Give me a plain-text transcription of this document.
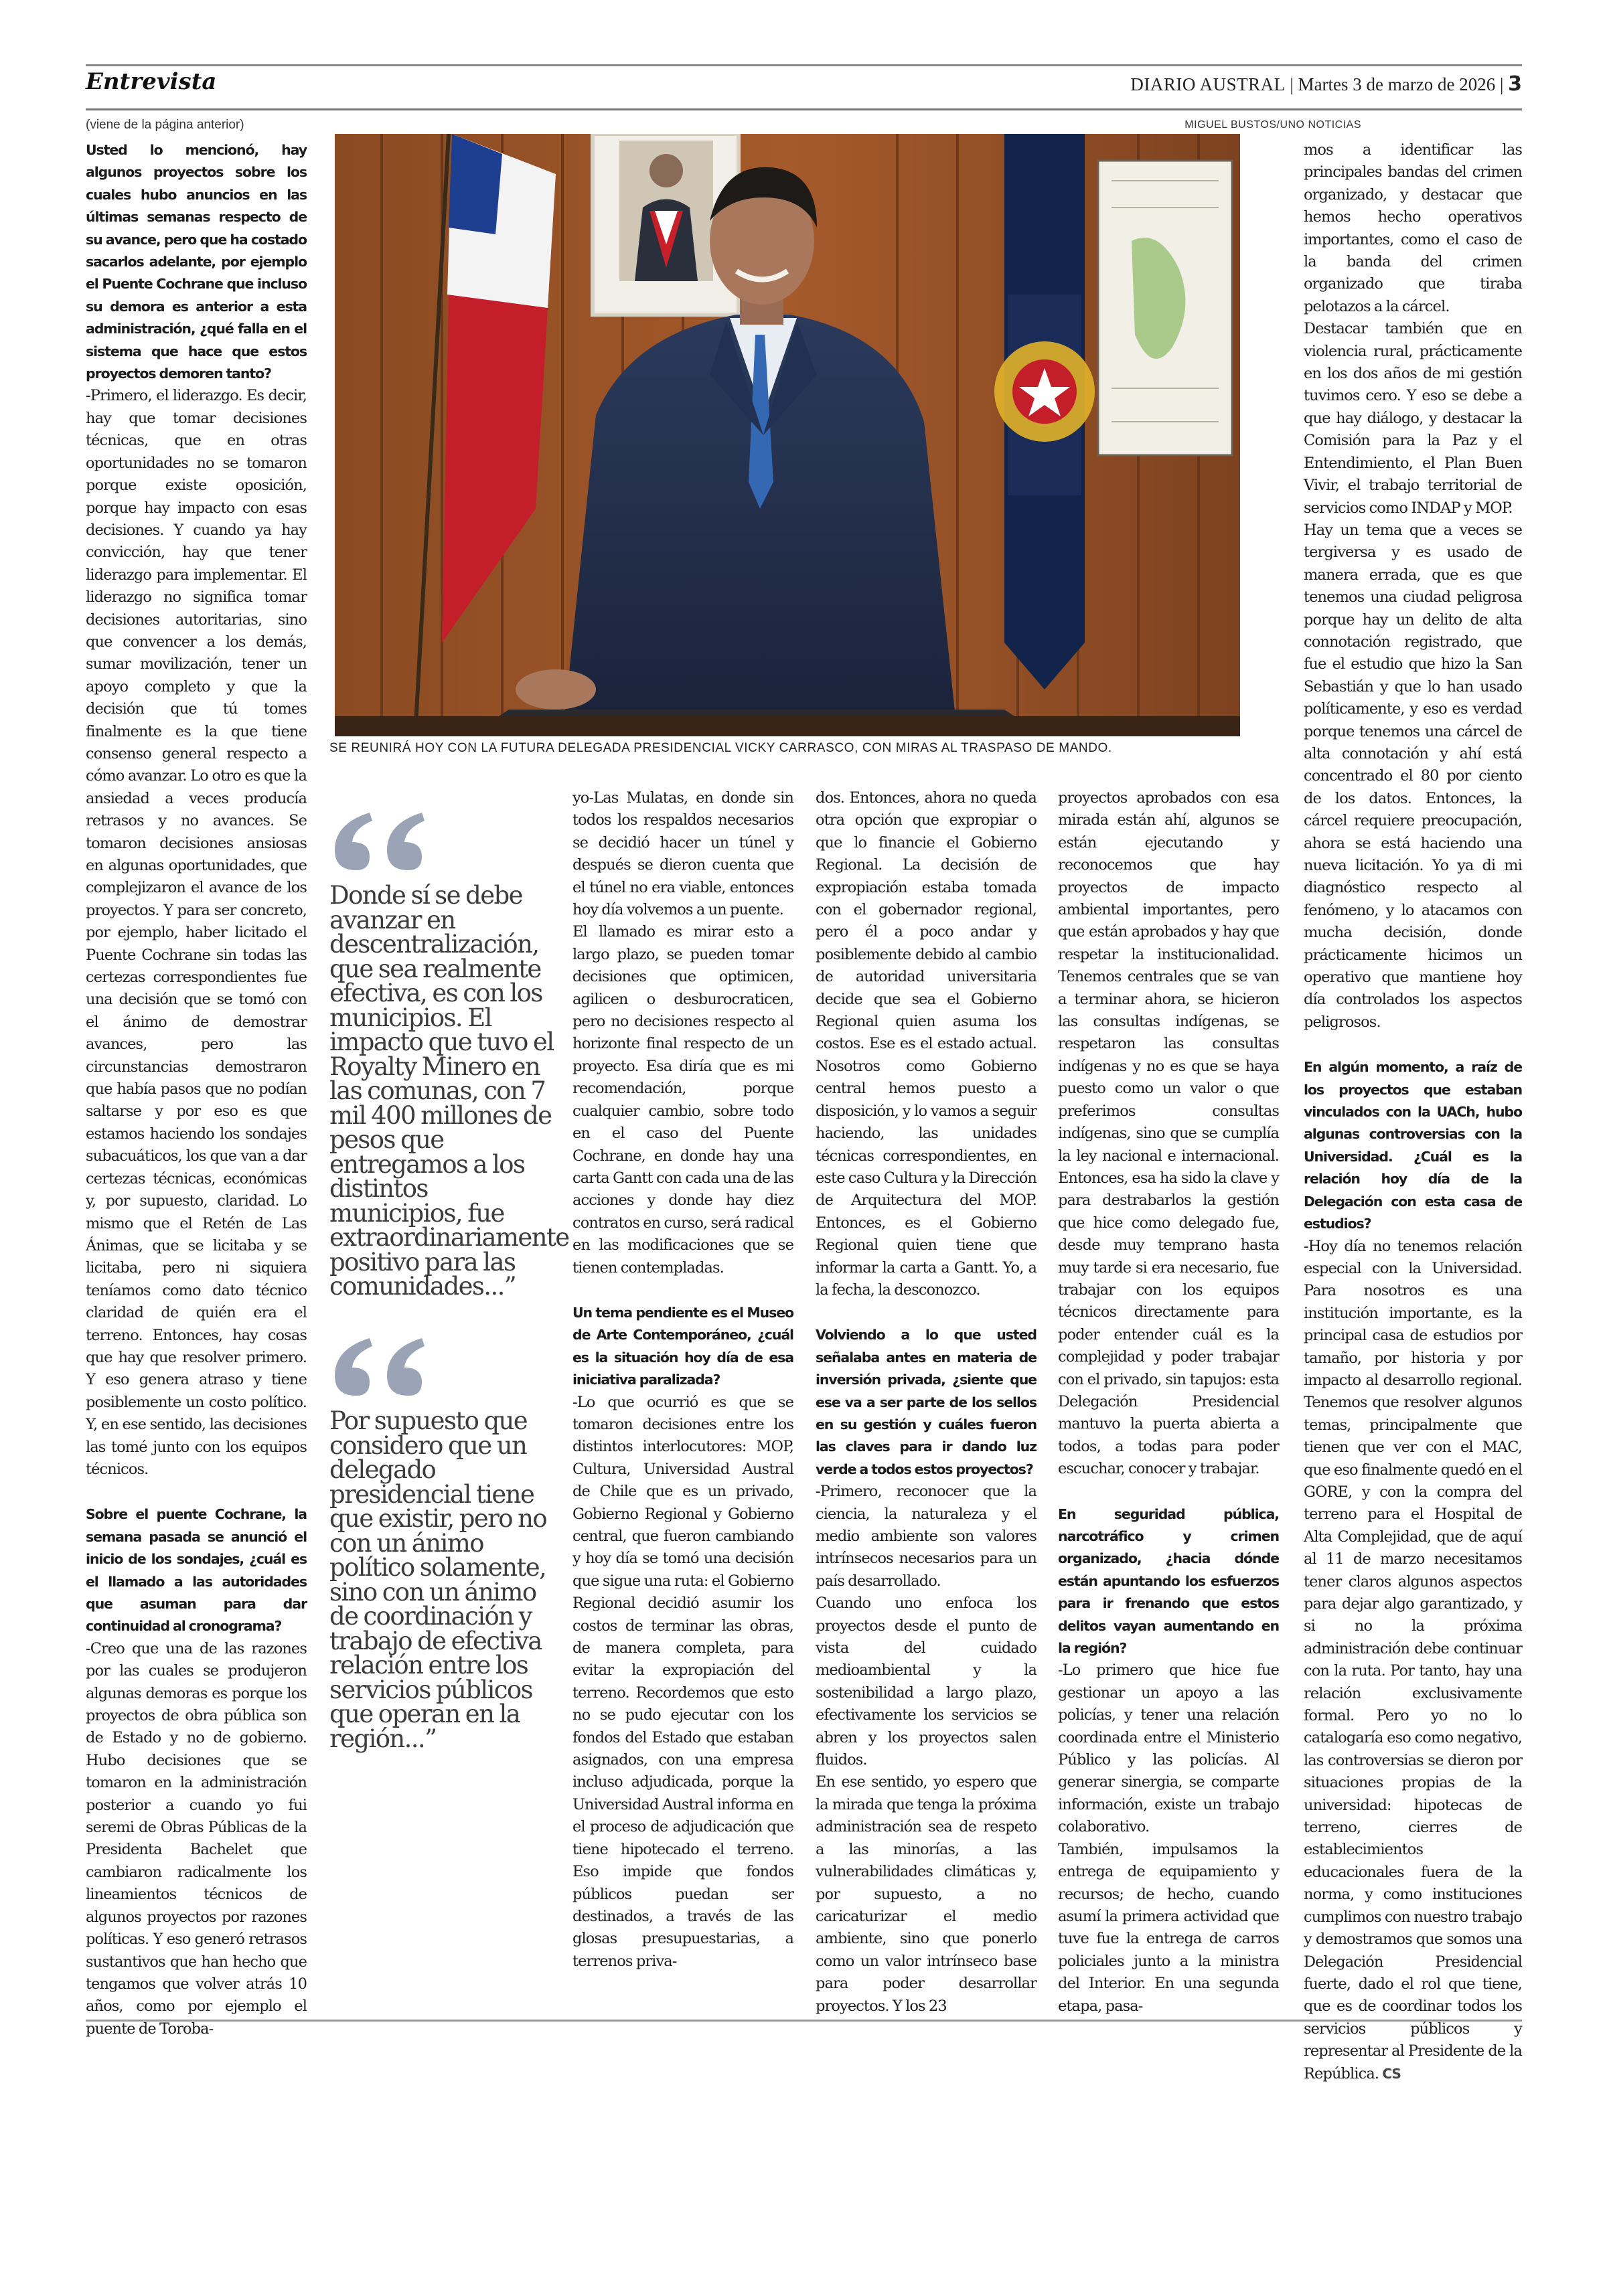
Entrevista	DIARIO AUSTRAL | Martes 3 de marzo de 2026 | 3
(viene de la página anterior)	MIGUEL BUSTOS/UNO NOTICIAS
SE REUNIRÁ HOY CON LA FUTURA DELEGADA PRESIDENCIAL VICKY CARRASCO, CON MIRAS AL TRASPASO DE MANDO.

Usted lo mencionó, hay algunos proyectos sobre los cuales hubo anuncios en las últimas semanas respecto de su avance, pero que ha costado sacarlos adelante, por ejemplo el Puente Cochrane que incluso su demora es anterior a esta administración, ¿qué falla en el sistema que hace que estos proyectos demoren tanto?

-Primero, el liderazgo. Es decir, hay que tomar decisiones técnicas, que en otras oportunidades no se tomaron porque existe oposición, porque hay impacto con esas decisiones. Y cuando ya hay convicción, hay que tener liderazgo para implementar. El liderazgo no significa tomar decisiones autoritarias, sino que convencer a los demás, sumar movilización, tener un apoyo completo y que la decisión que tú tomes finalmente es la que tiene consenso general respecto a cómo avanzar. Lo otro es que la ansiedad a veces producía retrasos y no avances. Se tomaron decisiones ansiosas en algunas oportunidades, que complejizaron el avance de los proyectos. Y para ser concreto, por ejemplo, haber licitado el Puente Cochrane sin todas las certezas correspondientes fue una decisión que se tomó con el ánimo de demostrar avances, pero las circunstancias demostraron que había pasos que no podían saltarse y por eso es que estamos haciendo los sondajes subacuáticos, los que van a dar certezas técnicas, económicas y, por supuesto, claridad. Lo mismo que el Retén de Las Ánimas, que se licitaba y se licitaba, pero ni siquiera teníamos como dato técnico claridad de quién era el terreno. Entonces, hay cosas que hay que resolver primero. Y eso genera atraso y tiene posiblemente un costo político. Y, en ese sentido, las decisiones las tomé junto con los equipos técnicos.

Sobre el puente Cochrane, la semana pasada se anunció el inicio de los sondajes, ¿cuál es el llamado a las autoridades que asuman para dar continuidad al cronograma?

-Creo que una de las razones por las cuales se produjeron algunas demoras es porque los proyectos de obra pública son de Estado y no de gobierno. Hubo decisiones que se tomaron en la administración posterior a cuando yo fui seremi de Obras Públicas de la Presidenta Bachelet que cambiaron radicalmente los lineamientos técnicos de algunos proyectos por razones políticas. Y eso generó retrasos sustantivos que han hecho que tengamos que volver atrás 10 años, como por ejemplo el puente de Toroba-

Donde sí se debe avanzar en descentralización, que sea realmente efectiva, es con los municipios. El impacto que tuvo el Royalty Minero en las comunas, con 7 mil 400 millones de pesos que entregamos a los distintos municipios, fue extraordinariamente positivo para las comunidades...”
Por supuesto que considero que un delegado presidencial tiene que existir, pero no con un ánimo político solamente, sino con un ánimo de coordinación y trabajo de efectiva relación entre los servicios públicos que operan en la región...”

yo-Las Mulatas, en donde sin todos los respaldos necesarios se decidió hacer un túnel y después se dieron cuenta que el túnel no era viable, entonces hoy día volvemos a un puente.

El llamado es mirar esto a largo plazo, se pueden tomar decisiones que optimicen, agilicen o desburocraticen, pero no decisiones respecto al horizonte final respecto de un proyecto. Esa diría que es mi recomendación, porque cualquier cambio, sobre todo en el caso del Puente Cochrane, en donde hay una carta Gantt con cada una de las acciones y donde hay diez contratos en curso, será radical en las modificaciones que se tienen contempladas.

Un tema pendiente es el Museo de Arte Contemporáneo, ¿cuál es la situación hoy día de esa iniciativa paralizada?

-Lo que ocurrió es que se tomaron decisiones entre los distintos interlocutores: MOP, Cultura, Universidad Austral de Chile que es un privado, Gobierno Regional y Gobierno central, que fueron cambiando y hoy día se tomó una decisión que sigue una ruta: el Gobierno Regional decidió asumir los costos de terminar las obras, de manera completa, para evitar la expropiación del terreno. Recordemos que esto no se pudo ejecutar con los fondos del Estado que estaban asignados, con una empresa incluso adjudicada, porque la Universidad Austral informa en el proceso de adjudicación que tiene hipotecado el terreno. Eso impide que fondos públicos puedan ser destinados, a través de las glosas presupuestarias, a terrenos priva-

dos. Entonces, ahora no queda otra opción que expropiar o que lo financie el Gobierno Regional. La decisión de expropiación estaba tomada con el gobernador regional, pero él a poco andar y posiblemente debido al cambio de autoridad universitaria decide que sea el Gobierno Regional quien asuma los costos. Ese es el estado actual. Nosotros como Gobierno central hemos puesto a disposición, y lo vamos a seguir haciendo, las unidades técnicas correspondientes, en este caso Cultura y la Dirección de Arquitectura del MOP. Entonces, es el Gobierno Regional quien tiene que informar la carta a Gantt. Yo, a la fecha, la desconozco.

Volviendo a lo que usted señalaba antes en materia de inversión privada, ¿siente que ese va a ser parte de los sellos en su gestión y cuáles fueron las claves para ir dando luz verde a todos estos proyectos?

-Primero, reconocer que la ciencia, la naturaleza y el medio ambiente son valores intrínsecos necesarios para un país desarrollado.

Cuando uno enfoca los proyectos desde el punto de vista del cuidado medioambiental y la sostenibilidad a largo plazo, efectivamente los servicios se abren y los proyectos salen fluidos.

En ese sentido, yo espero que la mirada que tenga la próxima administración sea de respeto a las minorías, a las vulnerabilidades climáticas y, por supuesto, a no caricaturizar el medio ambiente, sino que ponerlo como un valor intrínseco base para poder desarrollar proyectos. Y los 23

proyectos aprobados con esa mirada están ahí, algunos se están ejecutando y reconocemos que hay proyectos de impacto ambiental importantes, pero que están aprobados y hay que respetar la institucionalidad. Tenemos centrales que se van a terminar ahora, se hicieron las consultas indígenas, se respetaron las consultas indígenas y no es que se haya puesto como un valor o que preferimos consultas indígenas, sino que se cumplía la ley nacional e internacional. Entonces, esa ha sido la clave y para destrabarlos la gestión que hice como delegado fue, desde muy temprano hasta muy tarde si era necesario, fue trabajar con los equipos técnicos directamente para poder entender cuál es la complejidad y poder trabajar con el privado, sin tapujos: esta Delegación Presidencial mantuvo la puerta abierta a todos, a todas para poder escuchar, conocer y trabajar.

En seguridad pública, narcotráfico y crimen organizado, ¿hacia dónde están apuntando los esfuerzos para ir frenando que estos delitos vayan aumentando en la región?

-Lo primero que hice fue gestionar un apoyo a las policías, y tener una relación coordinada entre el Ministerio Público y las policías. Al generar sinergia, se comparte información, existe un trabajo colaborativo.

También, impulsamos la entrega de equipamiento y recursos; de hecho, cuando asumí la primera actividad que tuve fue la entrega de carros policiales junto a la ministra del Interior. En una segunda etapa, pasa-

mos a identificar las principales bandas del crimen organizado, y destacar que hemos hecho operativos importantes, como el caso de la banda del crimen organizado que tiraba pelotazos a la cárcel.

Destacar también que en violencia rural, prácticamente en los dos años de mi gestión tuvimos cero. Y eso se debe a que hay diálogo, y destacar la Comisión para la Paz y el Entendimiento, el Plan Buen Vivir, el trabajo territorial de servicios como INDAP y MOP.

Hay un tema que a veces se tergiversa y es usado de manera errada, que es que tenemos una ciudad peligrosa porque hay un delito de alta connotación registrado, que fue el estudio que hizo la San Sebastián y que lo han usado políticamente, y eso es verdad porque tenemos una cárcel de alta connotación y ahí está concentrado el 80 por ciento de los datos. Entonces, la cárcel requiere preocupación, ahora se está haciendo una nueva licitación. Yo ya di mi diagnóstico respecto al fenómeno, y lo atacamos con mucha decisión, donde prácticamente hicimos un operativo que mantiene hoy día controlados los aspectos peligrosos.

En algún momento, a raíz de los proyectos que estaban vinculados con la UACh, hubo algunas controversias con la Universidad. ¿Cuál es la relación hoy día de la Delegación con esta casa de estudios?

-Hoy día no tenemos relación especial con la Universidad. Para nosotros es una institución importante, es la principal casa de estudios por tamaño, por historia y por impacto al desarrollo regional. Tenemos que resolver algunos temas, principalmente que tienen que ver con el MAC, que eso finalmente quedó en el GORE, y con la compra del terreno para el Hospital de Alta Complejidad, que de aquí al 11 de marzo necesitamos tener claros algunos aspectos para dejar algo garantizado, y si no la próxima administración debe continuar con la ruta. Por tanto, hay una relación exclusivamente formal. Pero yo no lo catalogaría eso como negativo, las controversias se dieron por situaciones propias de la universidad: hipotecas de terreno, cierres de establecimientos educacionales fuera de la norma, y como instituciones cumplimos con nuestro trabajo y demostramos que somos una Delegación Presidencial fuerte, dado el rol que tiene, que es de coordinar todos los servicios públicos y representar al Presidente de la República. CS
